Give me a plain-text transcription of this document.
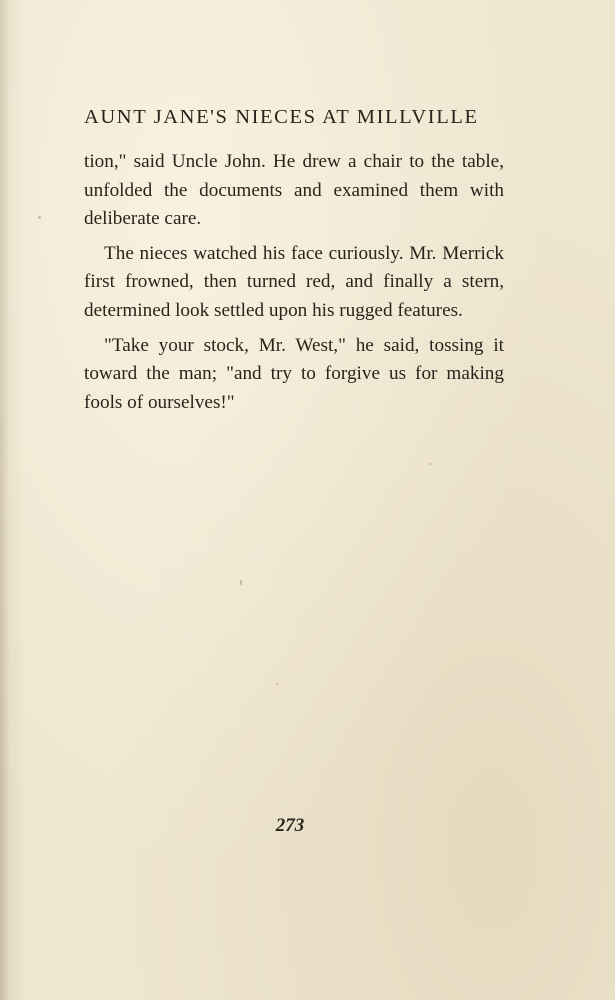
AUNT JANE'S NIECES AT MILLVILLE

tion," said Uncle John. He drew a chair to the table, unfolded the documents and examined them with deliberate care.

The nieces watched his face curiously. Mr. Merrick first frowned, then turned red, and finally a stern, determined look settled upon his rugged features.

"Take your stock, Mr. West," he said, tossing it toward the man; "and try to forgive us for making fools of ourselves!"

273
